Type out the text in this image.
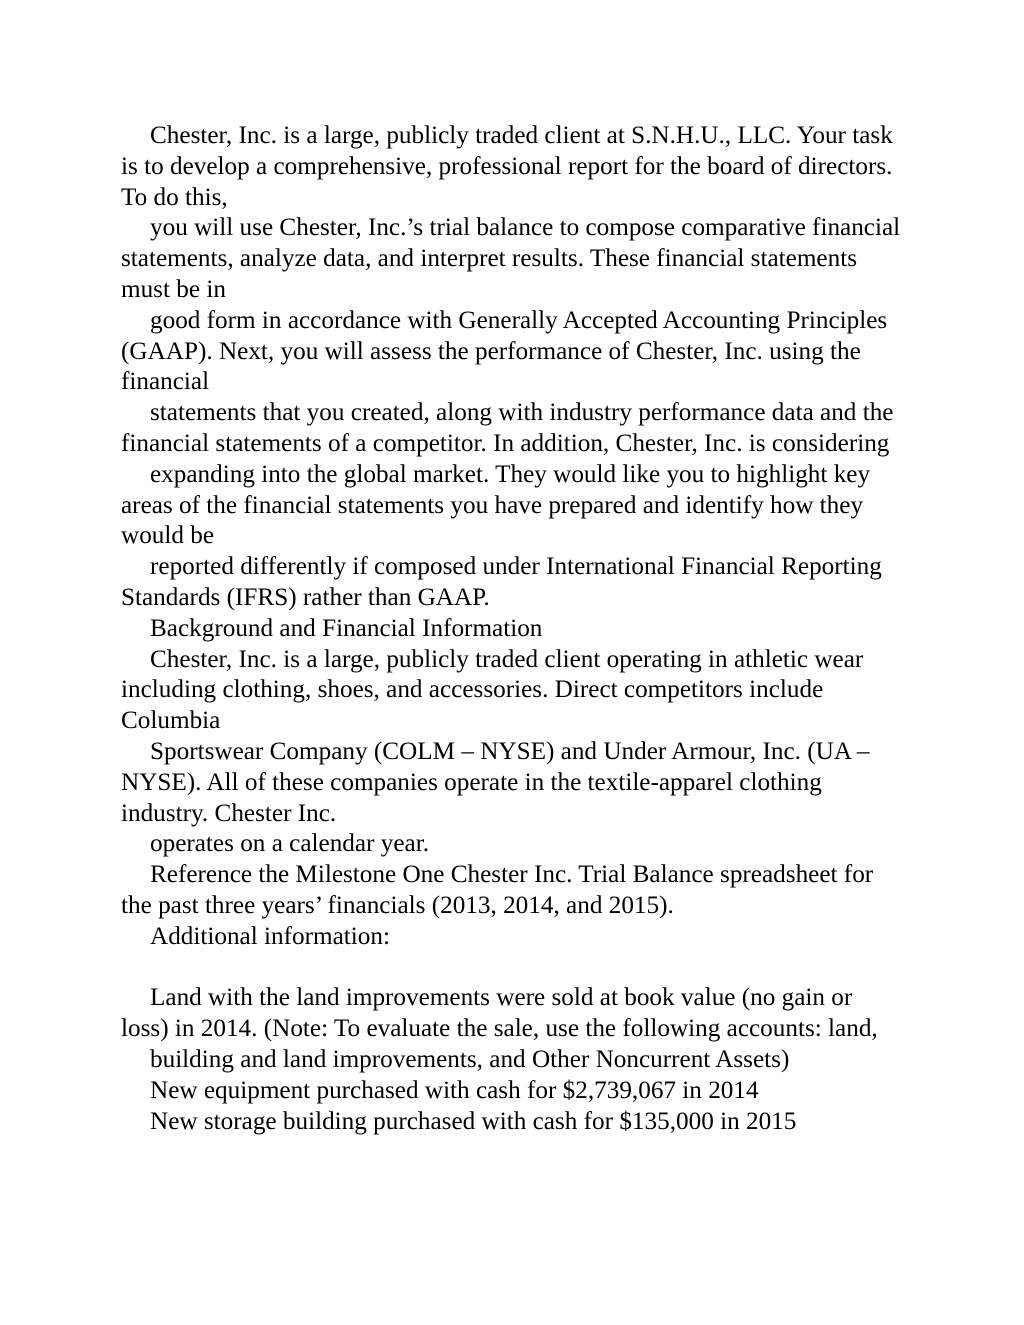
Chester, Inc. is a large, publicly traded client at S.N.H.U., LLC. Your task is to develop a comprehensive, professional report for the board of directors. To do this,

you will use Chester, Inc.’s trial balance to compose comparative financial statements, analyze data, and interpret results. These financial statements must be in

good form in accordance with Generally Accepted Accounting Principles (GAAP). Next, you will assess the performance of Chester, Inc. using the financial

statements that you created, along with industry performance data and the financial statements of a competitor. In addition, Chester, Inc. is considering

expanding into the global market. They would like you to highlight key areas of the financial statements you have prepared and identify how they would be

reported differently if composed under International Financial Reporting Standards (IFRS) rather than GAAP.

Background and Financial Information

Chester, Inc. is a large, publicly traded client operating in athletic wear including clothing, shoes, and accessories. Direct competitors include Columbia

Sportswear Company (COLM – NYSE) and Under Armour, Inc. (UA – NYSE). All of these companies operate in the textile-apparel clothing industry. Chester Inc.

operates on a calendar year.

Reference the Milestone One Chester Inc. Trial Balance spreadsheet for the past three years’ financials (2013, 2014, and 2015).

Additional information:

Land with the land improvements were sold at book value (no gain or loss) in 2014. (Note: To evaluate the sale, use the following accounts: land,

building and land improvements, and Other Noncurrent Assets)

New equipment purchased with cash for $2,739,067 in 2014

New storage building purchased with cash for $135,000 in 2015
